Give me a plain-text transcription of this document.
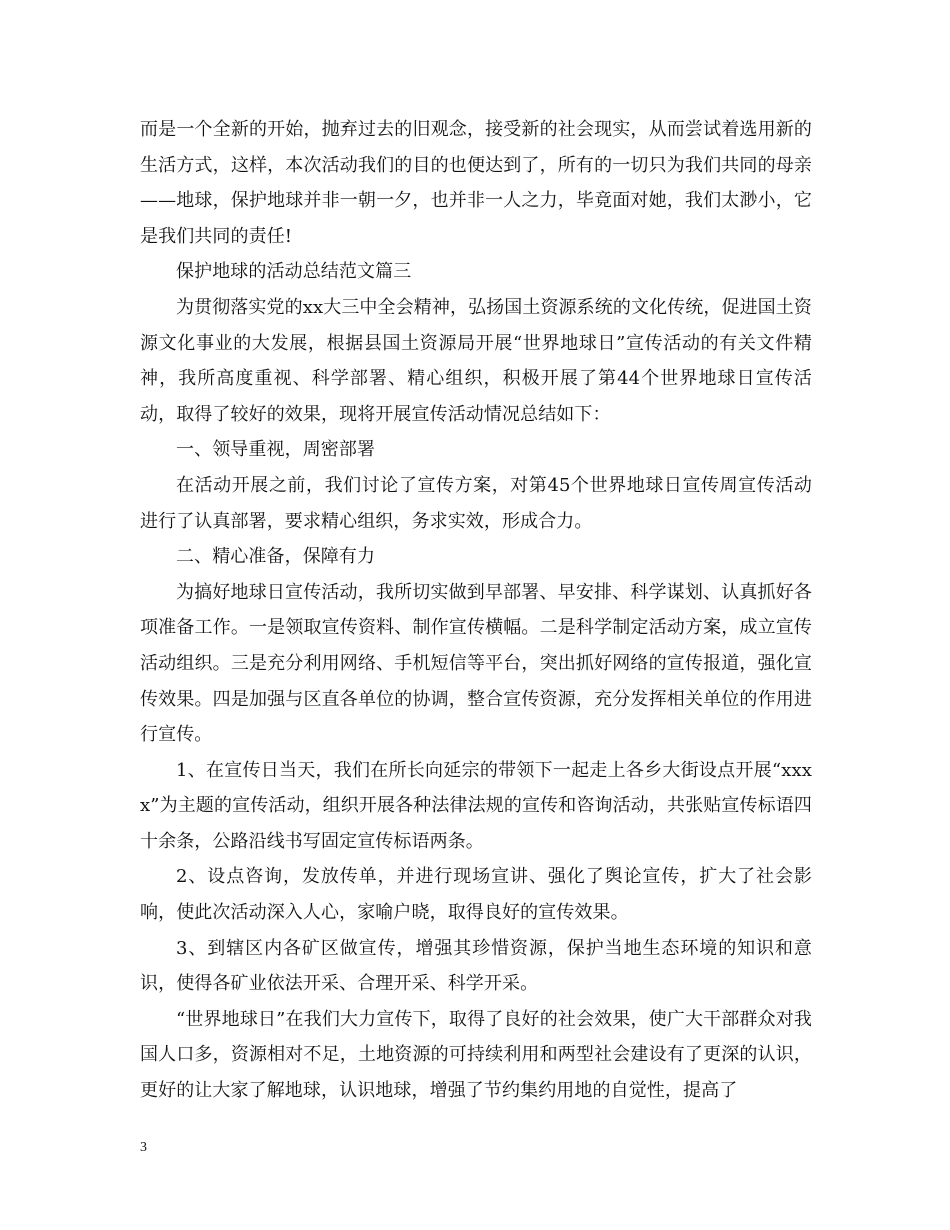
而是一个全新的开始，抛弃过去的旧观念，接受新的社会现实，从而尝试着选用新的生活方式，这样，本次活动我们的目的也便达到了，所有的一切只为我们共同的母亲——地球，保护地球并非一朝一夕，也并非一人之力，毕竟面对她，我们太渺小，它是我们共同的责任!

保护地球的活动总结范文篇三

为贯彻落实党的xx大三中全会精神，弘扬国土资源系统的文化传统，促进国土资源文化事业的大发展，根据县国土资源局开展“世界地球日”宣传活动的有关文件精神，我所高度重视、科学部署、精心组织，积极开展了第44个世界地球日宣传活动，取得了较好的效果，现将开展宣传活动情况总结如下：

一、领导重视，周密部署

在活动开展之前，我们讨论了宣传方案，对第45个世界地球日宣传周宣传活动进行了认真部署，要求精心组织，务求实效，形成合力。

二、精心准备，保障有力

为搞好地球日宣传活动，我所切实做到早部署、早安排、科学谋划、认真抓好各项准备工作。一是领取宣传资料、制作宣传横幅。二是科学制定活动方案，成立宣传活动组织。三是充分利用网络、手机短信等平台，突出抓好网络的宣传报道，强化宣传效果。四是加强与区直各单位的协调，整合宣传资源，充分发挥相关单位的作用进行宣传。

1、在宣传日当天，我们在所长向延宗的带领下一起走上各乡大街设点开展“xxxx”为主题的宣传活动，组织开展各种法律法规的宣传和咨询活动，共张贴宣传标语四十余条，公路沿线书写固定宣传标语两条。

2、设点咨询，发放传单，并进行现场宣讲、强化了舆论宣传，扩大了社会影响，使此次活动深入人心，家喻户晓，取得良好的宣传效果。

3、到辖区内各矿区做宣传，增强其珍惜资源，保护当地生态环境的知识和意识，使得各矿业依法开采、合理开采、科学开采。

“世界地球日”在我们大力宣传下，取得了良好的社会效果，使广大干部群众对我国人口多，资源相对不足，土地资源的可持续利用和两型社会建设有了更深的认识，更好的让大家了解地球，认识地球，增强了节约集约用地的自觉性，提高了

3
